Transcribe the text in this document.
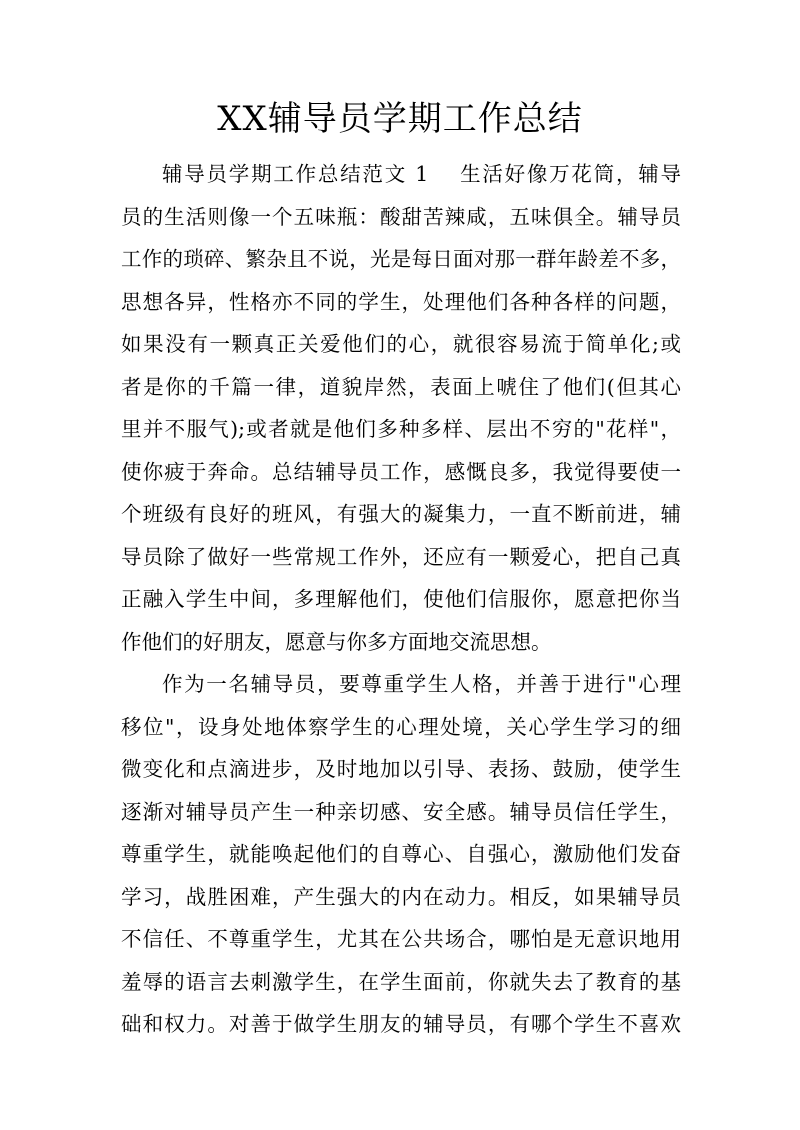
XX辅导员学期工作总结
辅导员学期工作总结范文 1 生活好像万花筒，辅导
员的生活则像一个五味瓶：酸甜苦辣咸，五味俱全。辅导员
工作的琐碎、繁杂且不说，光是每日面对那一群年龄差不多，
思想各异，性格亦不同的学生，处理他们各种各样的问题，
如果没有一颗真正关爱他们的心，就很容易流于简单化;或
者是你的千篇一律，道貌岸然，表面上唬住了他们(但其心
里并不服气);或者就是他们多种多样、层出不穷的"花样"，
使你疲于奔命。总结辅导员工作，感慨良多，我觉得要使一
个班级有良好的班风，有强大的凝集力，一直不断前进，辅
导员除了做好一些常规工作外，还应有一颗爱心，把自己真
正融入学生中间，多理解他们，使他们信服你，愿意把你当
作他们的好朋友，愿意与你多方面地交流思想。
作为一名辅导员，要尊重学生人格，并善于进行"心理
移位"，设身处地体察学生的心理处境，关心学生学习的细
微变化和点滴进步，及时地加以引导、表扬、鼓励，使学生
逐渐对辅导员产生一种亲切感、安全感。辅导员信任学生，
尊重学生，就能唤起他们的自尊心、自强心，激励他们发奋
学习，战胜困难，产生强大的内在动力。相反，如果辅导员
不信任、不尊重学生，尤其在公共场合，哪怕是无意识地用
羞辱的语言去刺激学生，在学生面前，你就失去了教育的基
础和权力。对善于做学生朋友的辅导员，有哪个学生不喜欢
